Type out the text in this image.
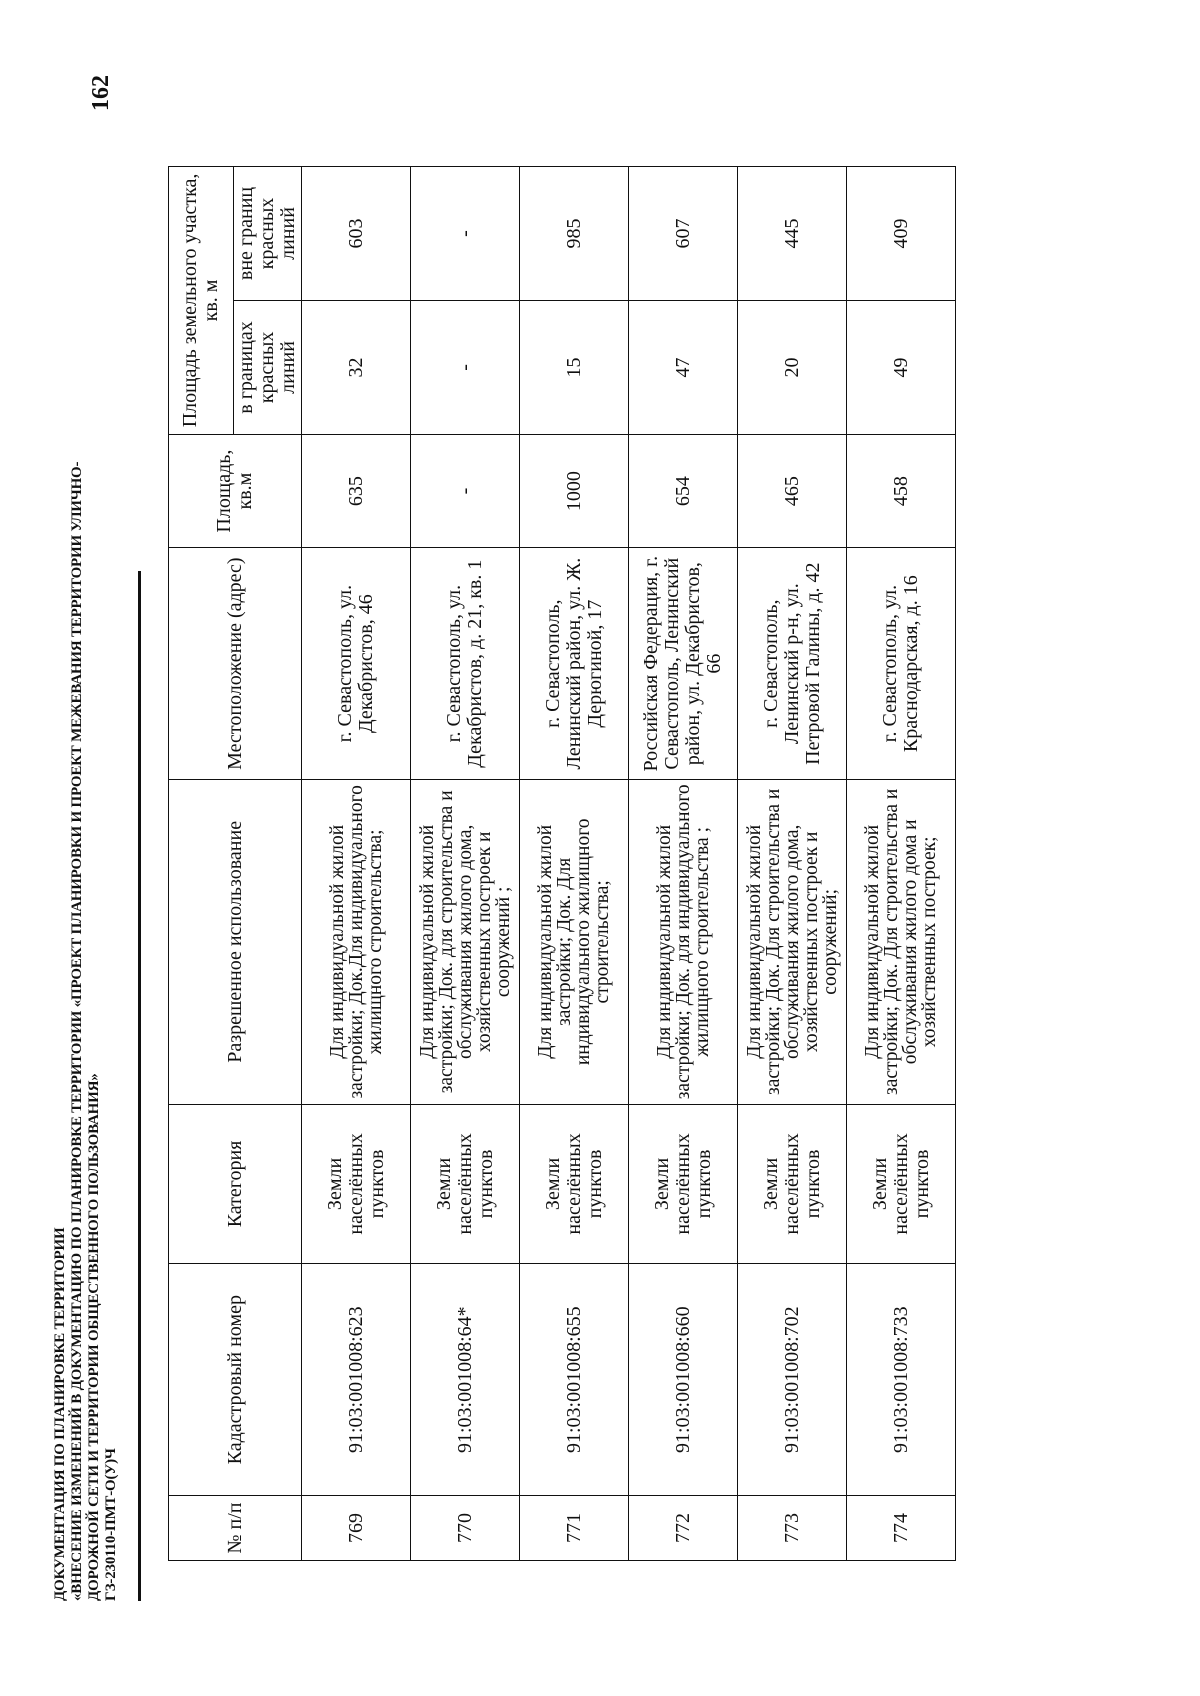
162
ДОКУМЕНТАЦИЯ ПО ПЛАНИРОВКЕ ТЕРРИТОРИИ «ВНЕСЕНИЕ ИЗМЕНЕНИЙ В ДОКУМЕНТАЦИЮ ПО ПЛАНИРОВКЕ ТЕРРИТОРИИ «ПРОЕКТ ПЛАНИРОВКИ И ПРОЕКТ МЕЖЕВАНИЯ ТЕРРИТОРИИ УЛИЧНО- ДОРОЖНОЙ СЕТИ И ТЕРРИТОРИИ ОБЩЕСТВЕННОГО ПОЛЬЗОВАНИЯ» ГЗ-230110-ПМТ-О(У)Ч	№ п/п	Кадастровый номер	Категория	Разрешенное использование	Местоположение (адрес)	Площадь, кв.м	Площадь земельного участка, кв. м	
						в границах красных линий	вне границ красных линий
769	91:03:001008:623	Земли населённых пунктов	Для индивидуальной жилой застройки; Док.Для индивидуального жилищного строительства;	г. Севастополь, ул. Декабристов, 46	635	32	603
770	91:03:001008:64*	Земли населённых пунктов	Для индивидуальной жилой застройки; Док. для строительства и обслуживания жилого дома, хозяйственных построек и сооружений ;	г. Севастополь, ул. Декабристов, д. 21, кв. 1	-	-	-
771	91:03:001008:655	Земли населённых пунктов	Для индивидуальной жилой застройки; Док. Для индивидуального жилищного строительства;	г. Севастополь, Ленинский район, ул. Ж. Дерюгиной, 17	1000	15	985
772	91:03:001008:660	Земли населённых пунктов	Для индивидуальной жилой застройки; Док. для индивидуального жилищного строительства ;	Российская Федерация, г. Севастополь, Ленинский район, ул. Декабристов, 66	654	47	607
773	91:03:001008:702	Земли населённых пунктов	Для индивидуальной жилой застройки; Док. Для строительства и обслуживания жилого дома, хозяйственных построек и сооружений;	г. Севастополь, Ленинский р-н, ул. Петровой Галины, д. 42	465	20	445
774	91:03:001008:733	Земли населённых пунктов	Для индивидуальной жилой застройки; Док. Для строительства и обслуживания жилого дома и хозяйственных построек;	г. Севастополь, ул. Краснодарская, д. 16	458	49	409
